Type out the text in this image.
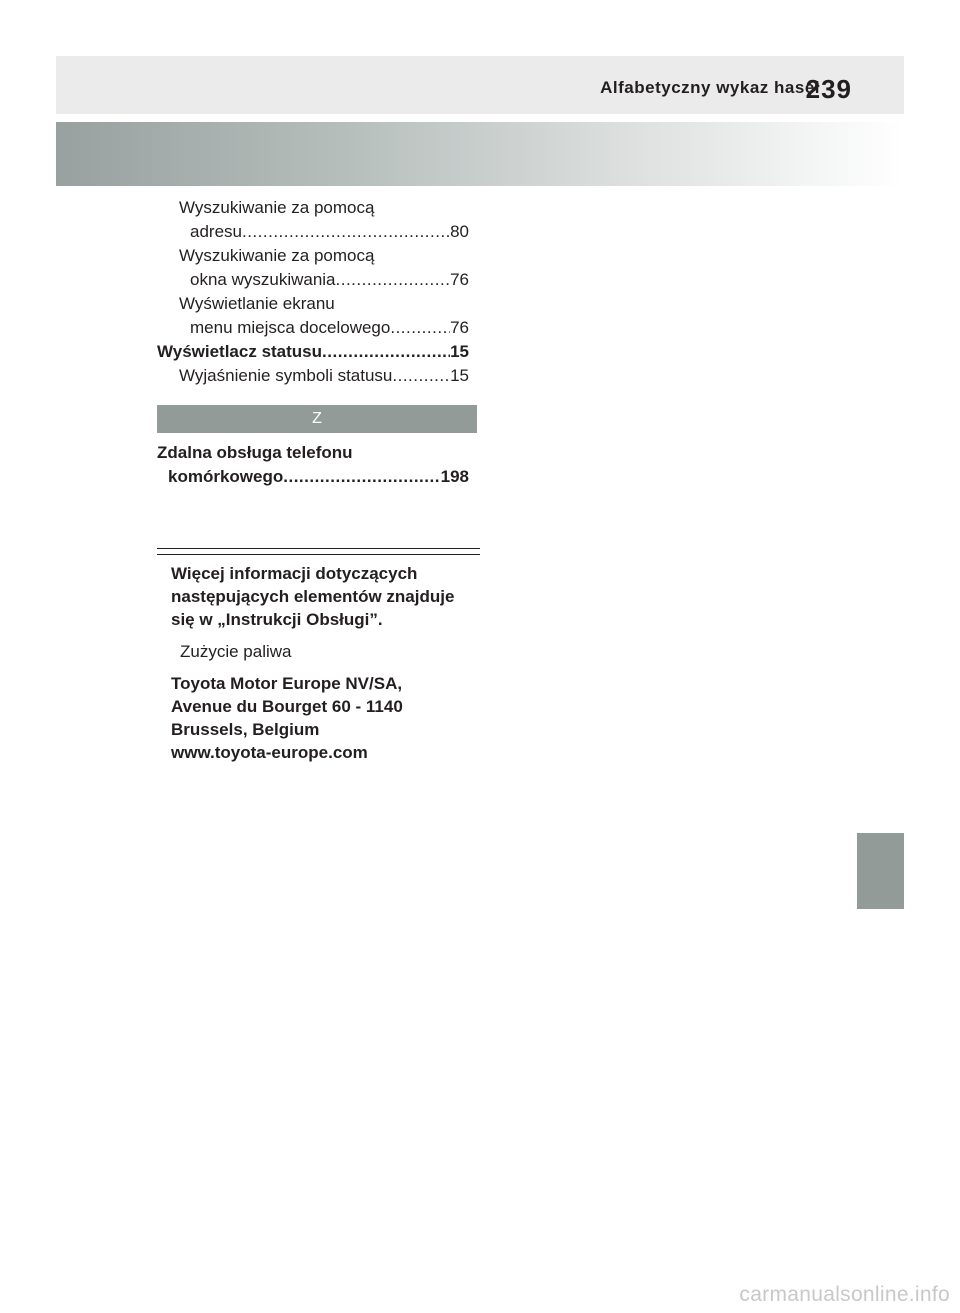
Alfabetyczny wykaz haseł
239
Wyszukiwanie za pomocą
adresu .....	80
Wyszukiwanie za pomocą
okna wyszukiwania .....	76
Wyświetlanie ekranu
menu miejsca docelowego .....	76
Wyświetlacz statusu .....	15
Wyjaśnienie symboli statusu .....	15
Z
Zdalna obsługa telefonu
komórkowego .....	198
Więcej informacji dotyczących
następujących elementów znajduje
się w „Instrukcji Obsługi”.
Zużycie paliwa
Toyota Motor Europe NV/SA,
Avenue du Bourget 60 - 1140
Brussels, Belgium
www.toyota-europe.com
carmanualsonline.info
